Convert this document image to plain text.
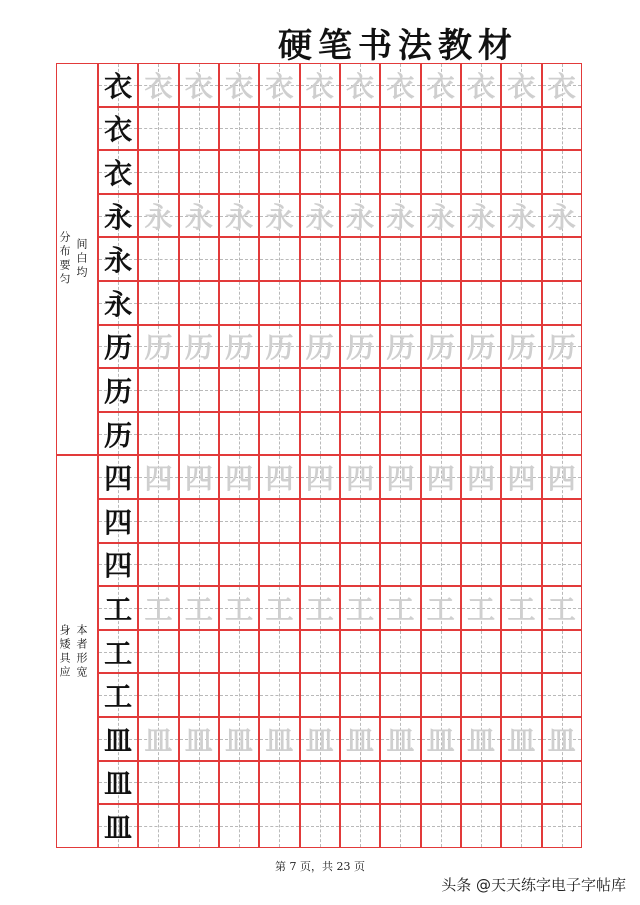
硬笔书法教材
间白均
分布要匀
本者形宽
身矮具应
衣 衣 衣 衣 衣 衣 衣 衣 衣 衣 衣 衣
衣
衣
永 永 永 永 永 永 永 永 永 永 永 永
永
永
历 历 历 历 历 历 历 历 历 历 历 历
历
历
四 四 四 四 四 四 四 四 四 四 四 四
四
四
工 工 工 工 工 工 工 工 工 工 工 工
工
工
皿 皿 皿 皿 皿 皿 皿 皿 皿 皿 皿 皿
皿
皿
第 7 页，共 23 页
头条 @天天练字电子字帖库
